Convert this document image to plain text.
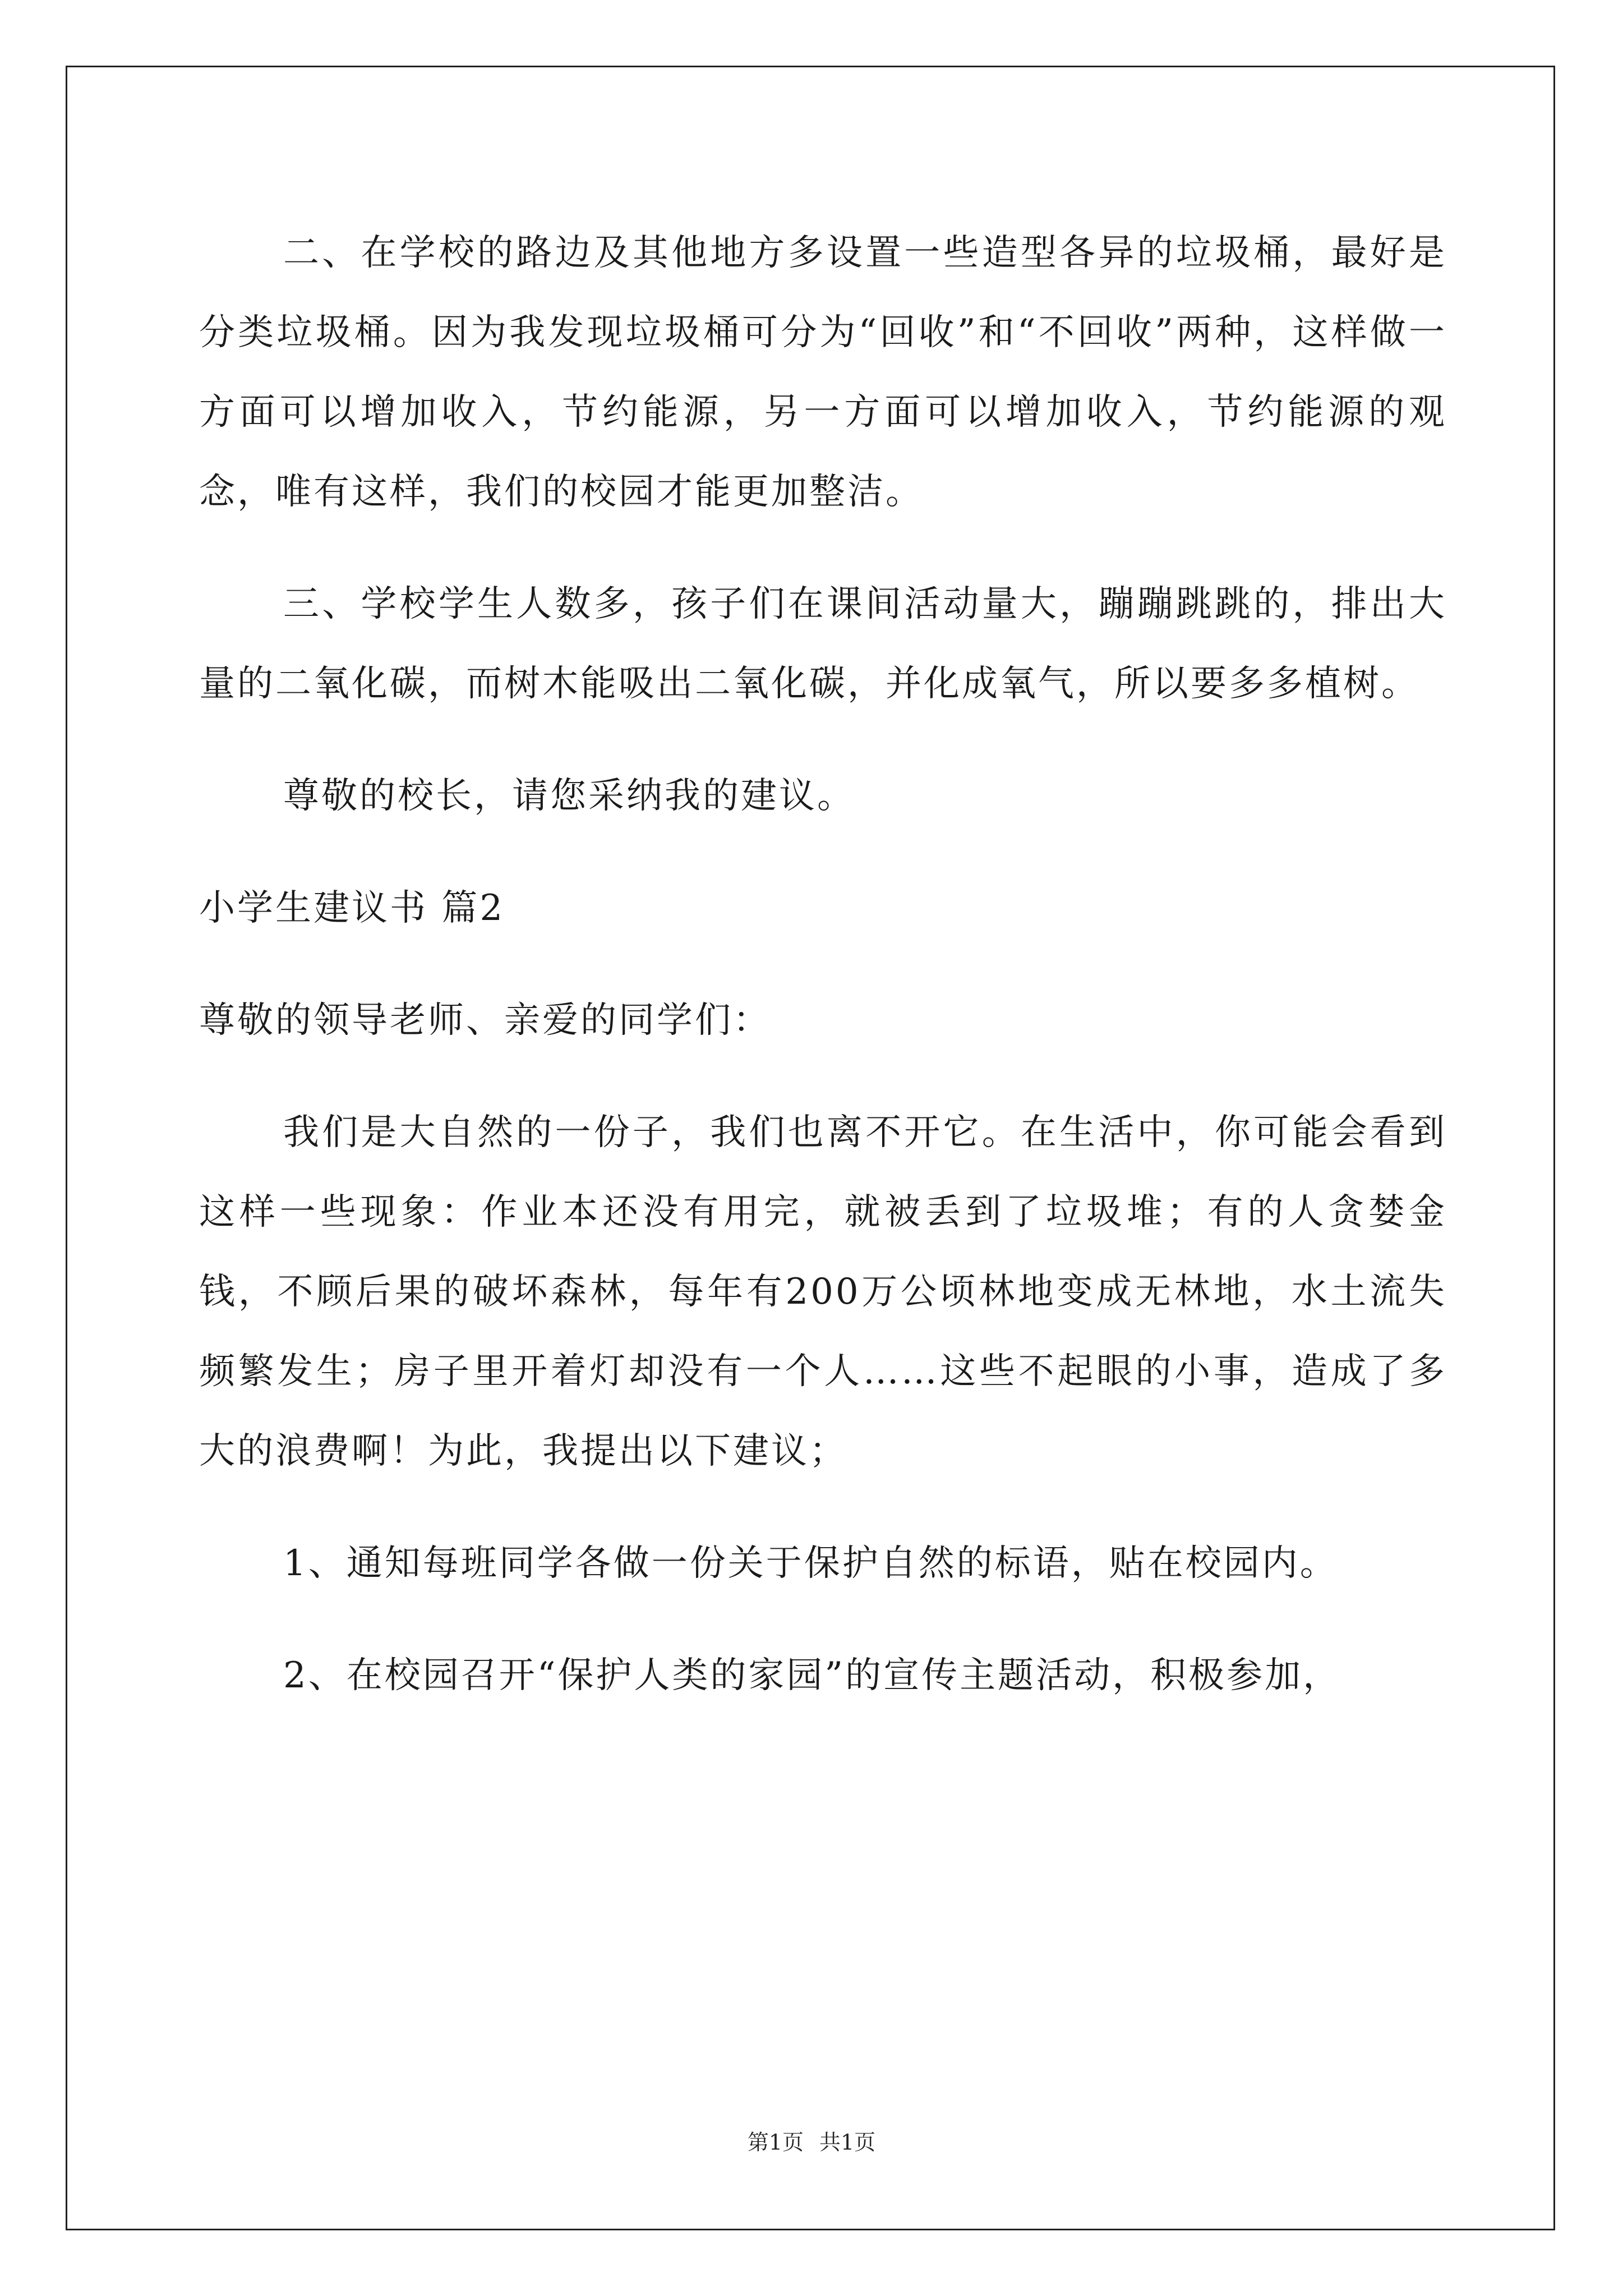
二、在学校的路边及其他地方多设置一些造型各异的垃圾桶，最好是分类垃圾桶。因为我发现垃圾桶可分为“回收”和“不回收”两种，这样做一方面可以增加收入，节约能源，另一方面可以增加收入，节约能源的观念，唯有这样，我们的校园才能更加整洁。

三、学校学生人数多，孩子们在课间活动量大，蹦蹦跳跳的，排出大量的二氧化碳，而树木能吸出二氧化碳，并化成氧气，所以要多多植树。

尊敬的校长，请您采纳我的建议。

小学生建议书 篇2

尊敬的领导老师、亲爱的同学们：

我们是大自然的一份子，我们也离不开它。在生活中，你可能会看到这样一些现象：作业本还没有用完，就被丢到了垃圾堆；有的人贪婪金钱，不顾后果的破坏森林，每年有200万公顷林地变成无林地，水土流失频繁发生；房子里开着灯却没有一个人……这些不起眼的小事，造成了多大的浪费啊！为此，我提出以下建议；

1、通知每班同学各做一份关于保护自然的标语，贴在校园内。

2、在校园召开“保护人类的家园”的宣传主题活动，积极参加，

第1页 共1页
